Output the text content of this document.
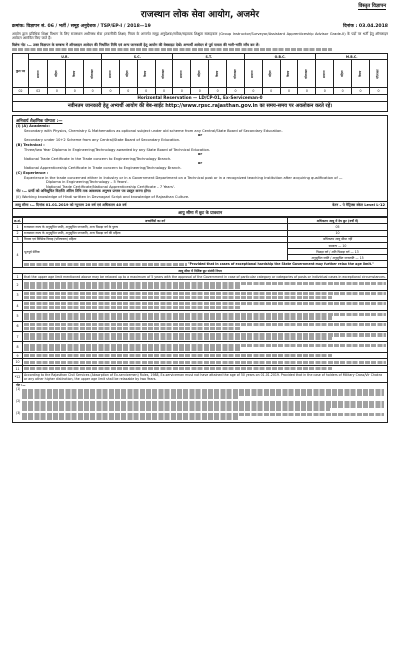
विस्तृत विज्ञापन
राजस्थान लोक सेवा आयोग, अजमेर
क्रमांक: विज्ञापन सं. 06 / भर्ती / समूह अनुदेशक / TSP/EP-I / 2018—19	दिनांक : 03.04.2018

आयोग द्वारा प्रविधिक शिक्षा विभाग के लिए राजस्थान अधीनस्थ सेवा (तकनीकी शिक्षा) नियम के अन्तर्गत समूह अनुदेशक/सर्वेयर/सहायक शिक्षुता सलाहकार (Group Instructor/Surveyor/Assistant Apprenticeship Advisor Grade-II) के पदों पर भर्ती हेतु ऑनलाइन आवेदन आमंत्रित किए जाते हैं।

विशेष नोट :— उक्त विज्ञापन के सम्बन्ध में ऑनलाइन आवेदन की निर्धारित तिथि एवं अन्य जानकारी हेतु आयोग की वेबसाइट देखें। अभ्यर्थी आवेदन से पूर्व पात्रता की भली-भांति जाँच कर लें।

कुल पद	U.R.				S.C.				S.T.				O.B.C.				M.B.C.			
	सामान्य	महिला	विधवा	परित्यक्ता	सामान्य	महिला	विधवा	परित्यक्ता	सामान्य	महिला	विधवा	परित्यक्ता	सामान्य	महिला	विधवा	परित्यक्ता	सामान्य	महिला	विधवा	परित्यक्ता
02	02	0	0	0	0	0	0	0	0	0	0	0	0	0	0	0	0	0	0	0
Horizontal Reservation — LD/CP-01, Ex-Serviceman-0
नवीनतम जानकारी हेतु अभ्यर्थी आयोग की बेब-साईट http://www.rpsc.rajasthan.gov.in का समय-समय पर अवलोकन करते रहें।
अनिवार्य शैक्षणिक योग्यता :—
(i) (A) Academic:
Secondary with Physics, Chemistry & Mathematics as optional subject under old scheme from any Central/State Board of Secondary Education.
or
Secondary under 10+2 Scheme from any Central/State Board of Secondary Education.
(B) Technical :
Three/two Year Diploma in Engineering/Technology awarded by any State Board of Technical Education.
or
National Trade Certificate in the Trade concern to Engineering/Technology Branch.
or
National Apprenticeship Certificate in Trade concern to Engineering/Technology Branch.
(C) Experience :
Experience in the trade concerned either in Industry or in a Government Department on a Technical post or in a recognized teaching Institution after acquiring qualification of —
Diploma in Engineering/Technology – 5 Years'.
National Trade Certificate/National Apprenticeship Certificate – 7 Years'.
नोट :— प्रार्थी को अधिसूचित विज्ञप्ति अंतिम तिथि तक आवश्यक अनुभव प्रमाण पत्र प्रस्तुत करना होगा।
(ii) Working knowledge of Hindi written in Devnagari Script and knowledge of Rajasthan Culture.
आयु सीमा :— दिनांक 01.01.2019 को न्यूनतम 20 वर्ष एवं अधिकतम 40 वर्ष	वेतन – पे मैट्रिक्स स्केल Level L-12
आयु सीमा में छूट के प्रावधान
क्र.सं.	अभ्यर्थियों का वर्ग	अधिकतम आयु में देय छूट (वर्षों में)
1	राजस्थान राज्य के अनुसूचित जाति, अनुसूचित जनजाति, अन्य पिछड़ा वर्ग के पुरुष	05
2	राजस्थान राज्य के अनुसूचित जाति, अनुसूचित जनजाति, अन्य पिछड़ा वर्ग की महिला	10
3	विधवा एवं विच्छिन्न विवाह (परित्यक्ता) महिला	अधिकतम आयु सीमा नहीं
4	भूतपूर्व सैनिक	सामान्य — 10
		पिछड़ा वर्ग / अति पिछड़ा वर्ग — 13
		अनुसूचित जाति / अनुसूचित जनजाति — 15
	"Provided that in cases of exceptional hardship the State Government may further relax the age limit."	
आयु सीमा में विशिष्ट छूट संबंधी नियम		
1	that the upper age limit mentioned above may be relaxed up to a maximum of 5 years with the approval of the Government in case of particular category or categories of posts or individual cases in exceptional circumstances.	
2		

3		

4		

5		

6		

7		

8		

9		

10		

11		

*12	According to the Rajasthan Civil Services (Absorption of Ex-servicemen) Rules, 1988, Ex-serviceman must not have attained the age of 50 years on 01.01.2019. Provided that in the case of holders of Military Cross/Vir Chakra or any other higher distinction, the upper age limit shall be relaxable by two Years.	
नोट :—
(1)
(2)
(3)
